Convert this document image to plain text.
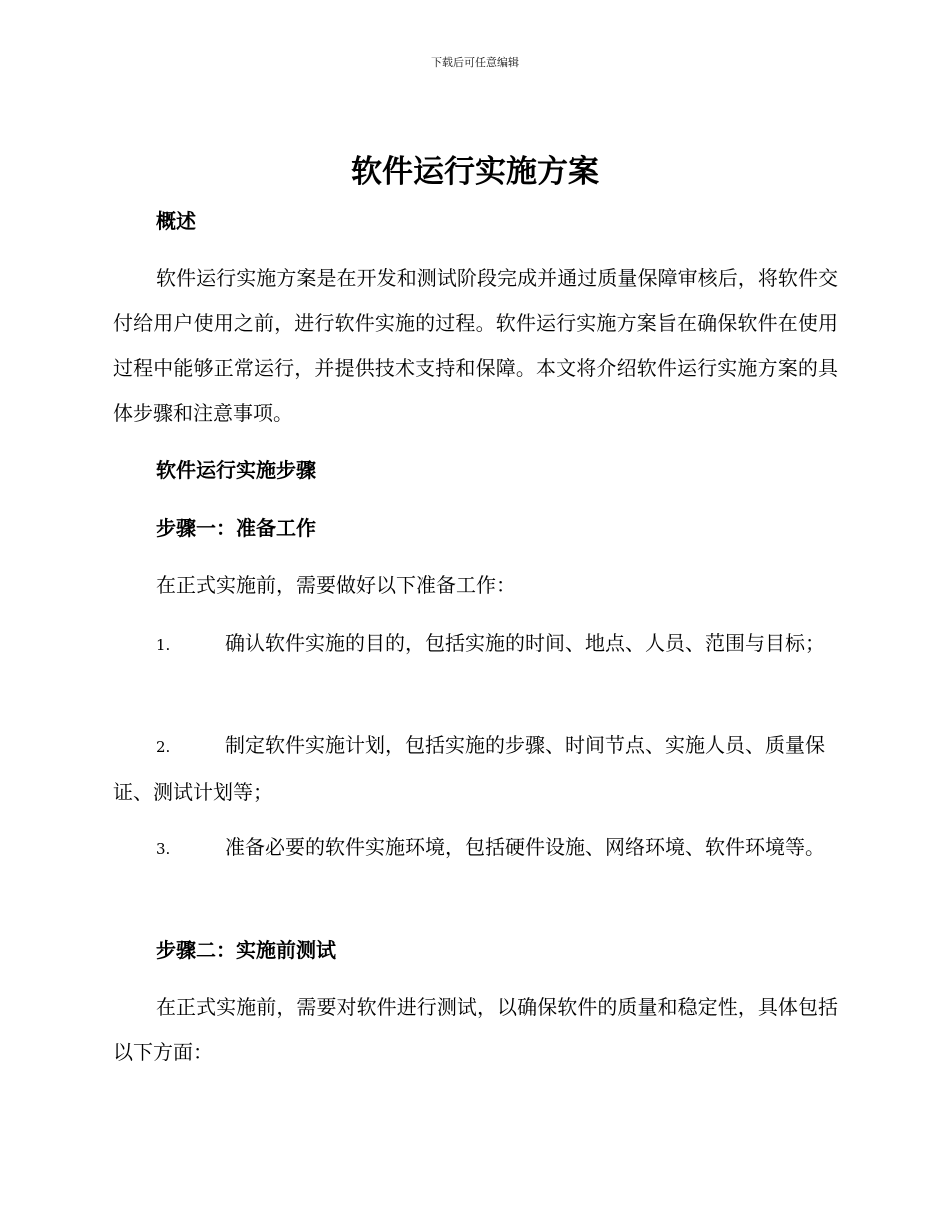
下载后可任意编辑
软件运行实施方案
概述

软件运行实施方案是在开发和测试阶段完成并通过质量保障审核后，将软件交付给用户使用之前，进行软件实施的过程。软件运行实施方案旨在确保软件在使用过程中能够正常运行，并提供技术支持和保障。本文将介绍软件运行实施方案的具体步骤和注意事项。

软件运行实施步骤
步骤一：准备工作

在正式实施前，需要做好以下准备工作：

1.	确认软件实施的目的，包括实施的时间、地点、人员、范围与目标；
2.	制定软件实施计划，包括实施的步骤、时间节点、实施人员、质量保证、测试计划等；
3.	准备必要的软件实施环境，包括硬件设施、网络环境、软件环境等。
步骤二：实施前测试

在正式实施前，需要对软件进行测试，以确保软件的质量和稳定性，具体包括以下方面：
